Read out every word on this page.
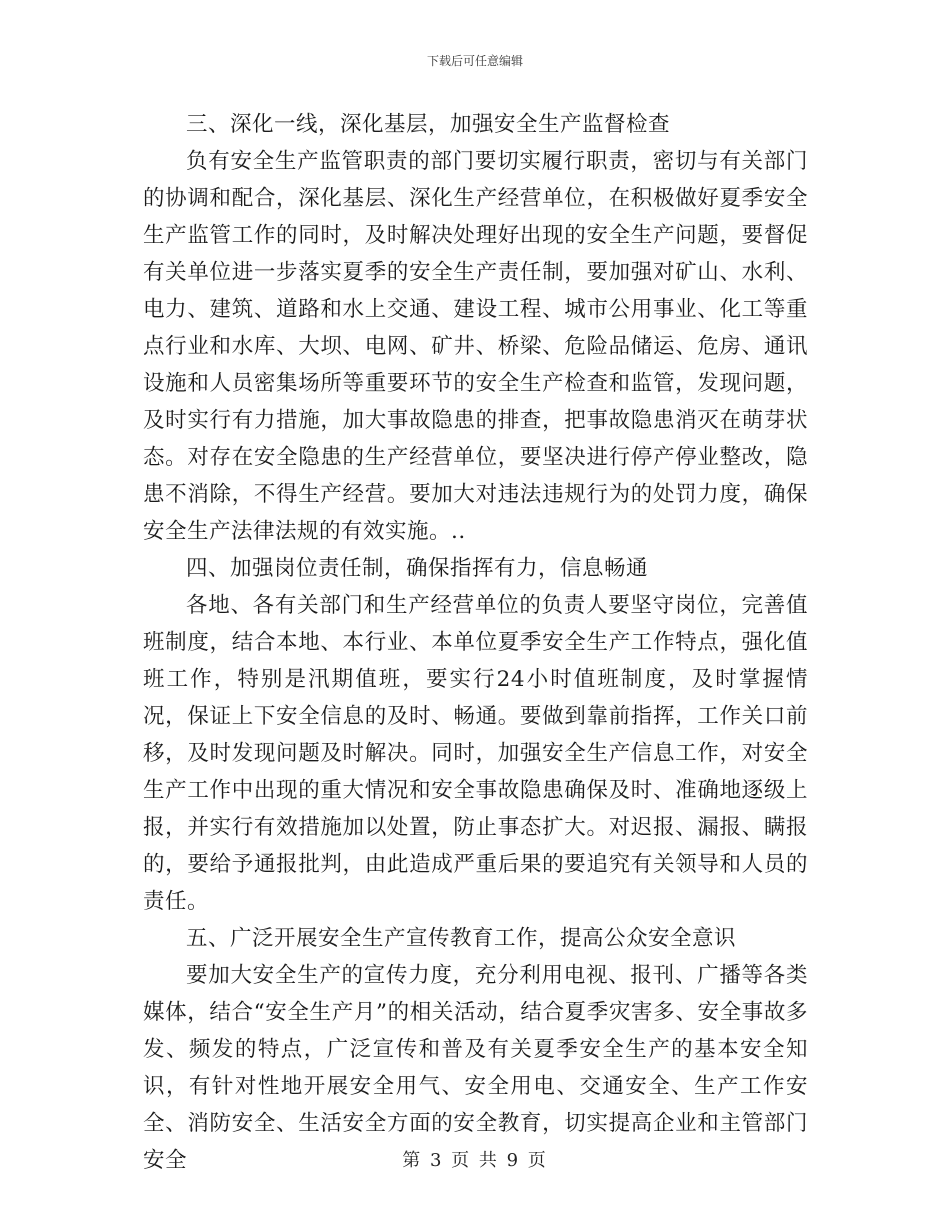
下载后可任意编辑

三、深化一线，深化基层，加强安全生产监督检查

负有安全生产监管职责的部门要切实履行职责，密切与有关部门的协调和配合，深化基层、深化生产经营单位，在积极做好夏季安全生产监管工作的同时，及时解决处理好出现的安全生产问题，要督促有关单位进一步落实夏季的安全生产责任制，要加强对矿山、水利、电力、建筑、道路和水上交通、建设工程、城市公用事业、化工等重点行业和水库、大坝、电网、矿井、桥梁、危险品储运、危房、通讯设施和人员密集场所等重要环节的安全生产检查和监管，发现问题，及时实行有力措施，加大事故隐患的排查，把事故隐患消灭在萌芽状态。对存在安全隐患的生产经营单位，要坚决进行停产停业整改，隐患不消除，不得生产经营。要加大对违法违规行为的处罚力度，确保安全生产法律法规的有效实施。..

四、加强岗位责任制，确保指挥有力，信息畅通

各地、各有关部门和生产经营单位的负责人要坚守岗位，完善值班制度，结合本地、本行业、本单位夏季安全生产工作特点，强化值班工作，特别是汛期值班，要实行24小时值班制度，及时掌握情况，保证上下安全信息的及时、畅通。要做到靠前指挥，工作关口前移，及时发现问题及时解决。同时，加强安全生产信息工作，对安全生产工作中出现的重大情况和安全事故隐患确保及时、准确地逐级上报，并实行有效措施加以处置，防止事态扩大。对迟报、漏报、瞒报的，要给予通报批判，由此造成严重后果的要追究有关领导和人员的责任。

五、广泛开展安全生产宣传教育工作，提高公众安全意识

要加大安全生产的宣传力度，充分利用电视、报刊、广播等各类媒体，结合“安全生产月”的相关活动，结合夏季灾害多、安全事故多发、频发的特点，广泛宣传和普及有关夏季安全生产的基本安全知识，有针对性地开展安全用气、安全用电、交通安全、生产工作安全、消防安全、生活安全方面的安全教育，切实提高企业和主管部门安全	第 3 页 共 9 页
